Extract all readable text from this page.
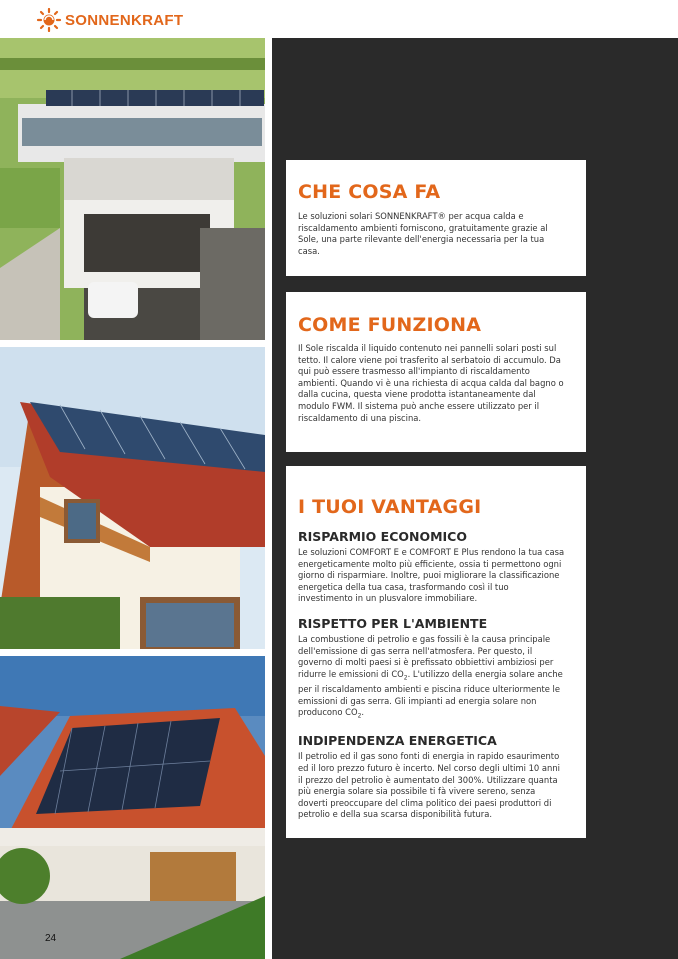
SONNENKRAFT
CHE COSA FA

Le soluzioni solari SONNENKRAFT® per acqua calda e riscaldamento ambienti forniscono, gratuitamente grazie al Sole, una parte rilevante dell'energia necessaria per la tua casa.

COME FUNZIONA

Il Sole riscalda il liquido contenuto nei pannelli solari posti sul tetto. Il calore viene poi trasferito al serbatoio di accumulo. Da qui può essere trasmesso all'impianto di riscaldamento ambienti. Quando vi è una richiesta di acqua calda dal bagno o dalla cucina, questa viene prodotta istantaneamente dal modulo FWM. Il sistema può anche essere utilizzato per il riscaldamento di una piscina.

I TUOI VANTAGGI
RISPARMIO ECONOMICO

Le soluzioni COMFORT E e COMFORT E Plus rendono la tua casa energeticamente molto più efficiente, ossia ti permettono ogni giorno di risparmiare. Inoltre, puoi migliorare la classificazione energetica della tua casa, trasformando così il tuo investimento in un plusvalore immobiliare.

RISPETTO PER L'AMBIENTE

La combustione di petrolio e gas fossili è la causa principale dell'emissione di gas serra nell'atmosfera. Per questo, il governo di molti paesi si è prefissato obbiettivi ambiziosi per ridurre le emissioni di $CO_2$. L'utilizzo della energia solare anche per il riscaldamento ambienti e piscina riduce ulteriormente le emissioni di gas serra. Gli impianti ad energia solare non producono $CO_2$.

INDIPENDENZA ENERGETICA

Il petrolio ed il gas sono fonti di energia in rapido esaurimento ed il loro prezzo futuro è incerto. Nel corso degli ultimi 10 anni il prezzo del petrolio è aumentato del 300%. Utilizzare quanta più energia solare sia possibile ti fà vivere sereno, senza doverti preoccupare del clima politico dei paesi produttori di petrolio e della sua scarsa disponibilità futura.

24
